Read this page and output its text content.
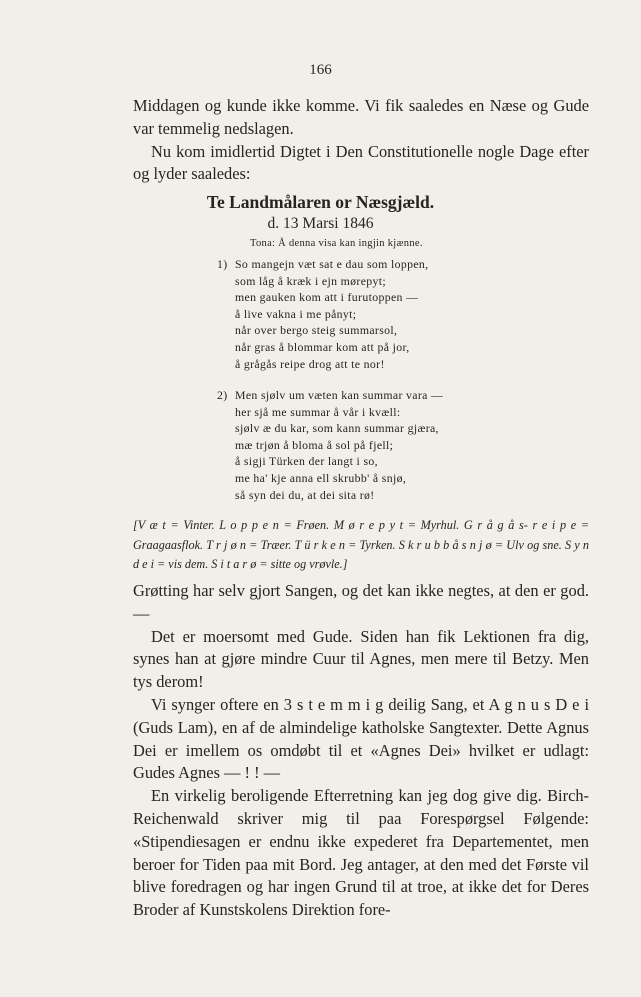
166

Middagen og kunde ikke komme. Vi fik saaledes en Næse og Gude var temmelig nedslagen.

Nu kom imidlertid Digtet i Den Constitutionelle nogle Dage efter og lyder saaledes:

Te Landmålaren or Næsgjæld.
d. 13 Marsi 1846
Tona: Å denna visa kan ingjin kjænne.
1) So mangejn væt sat e dau som loppen,
som låg å kræk i ejn mørepyt;
men gauken kom att i furutoppen —
å live vakna i me pånyt;
når over bergo steig summarsol,
når gras å blommar kom att på jor,
å grågås reipe drog att te nor!
2) Men sjølv um væten kan summar vara —
her sjå me summar å vår i kvæll:
sjølv æ du kar, som kann summar gjæra,
mæ trjøn å bloma å sol på fjell;
å sigji Türken der langt i so,
me ha' kje anna ell skrubb' å snjø,
så syn dei du, at dei sita rø!
[V æ t = Vinter. L o p p e n = Frøen. M ø r e p y t = Myrhul. G r å g å s- r e i p e = Graagaasflok. T r j ø n = Træer. T ü r k e n = Tyrken. S k r u b b å s n j ø = Ulv og sne. S y n d e i = vis dem. S i t a r ø = sitte og vrøvle.]

Grøtting har selv gjort Sangen, og det kan ikke negtes, at den er god. —

Det er moersomt med Gude. Siden han fik Lektionen fra dig, synes han at gjøre mindre Cuur til Agnes, men mere til Betzy. Men tys derom!

Vi synger oftere en 3 s t e m m i g deilig Sang, et A g n u s D e i (Guds Lam), en af de almindelige katholske Sangtexter. Dette Agnus Dei er imellem os omdøbt til et «Agnes Dei» hvilket er udlagt: Gudes Agnes — ! ! —

En virkelig beroligende Efterretning kan jeg dog give dig. Birch-Reichenwald skriver mig til paa Forespørgsel Følgende: «Stipendiesagen er endnu ikke expederet fra Departementet, men beroer for Tiden paa mit Bord. Jeg antager, at den med det Første vil blive foredragen og har ingen Grund til at troe, at ikke det for Deres Broder af Kunstskolens Direktion fore-
